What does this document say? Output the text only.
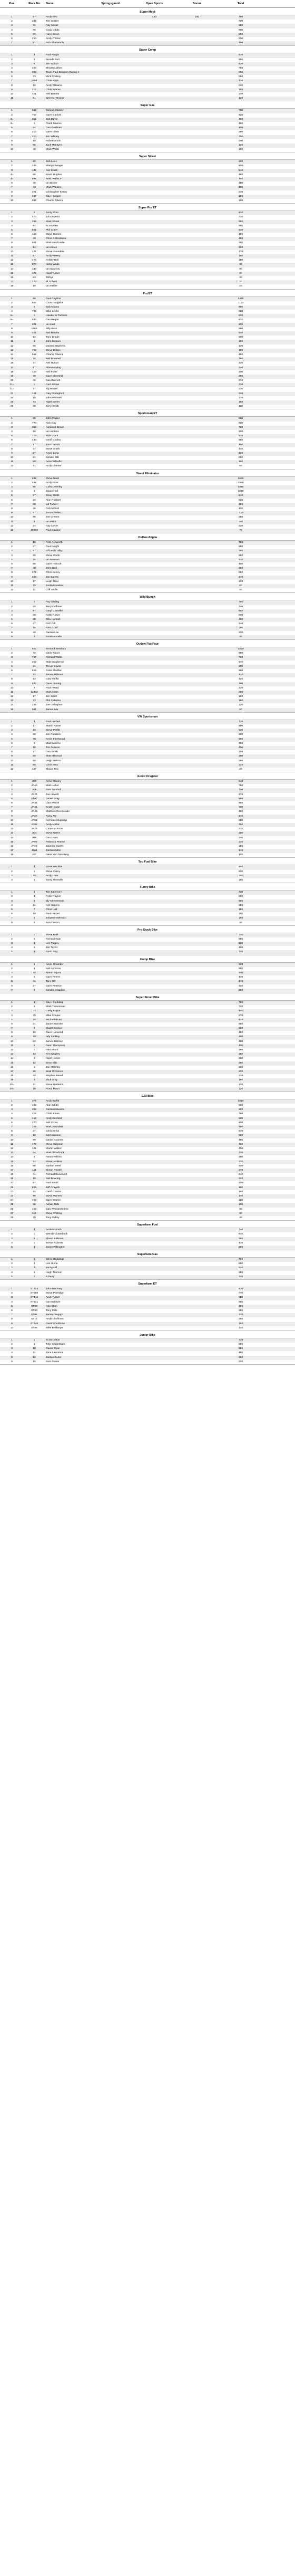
Pos	Race No	Name	Springsgaard	Open Sports	Bonus	Total
Super Moot
1	57	Andy Kirk	450	150	750
2	246	Tim Gerber	700
3	71	Ray Kesler	650
4	69	Craig Gibbs	600
5	99	Hans Ercan	550
6	214	Andy O'Brien	500
7	51	Rob Shattworth	450
Super Comp
1	3	Paul Knight	970
2	9	Brenda Butt	850
3	5	Jim Wolton	830
4	400	Shawn Lathen	760
5	802	Team Paul Bearnon Racing 1	600
6	33	Mick Rosling	580
7	1958	Chris Kaye	430
8	16	Andy Williams	210
9	212	Chris Adams	150
10	101	Neil Bartlett	140
11	51	Spencer Trainor	130
Super Gas
1	555	Conrad Stanley	700
2	707	Dave Gatford	620
3=	315	Bob Doyle	460
3=	1	Frank Masoni	460
5	44	Dan Goldman	400
6	210	Dave Dixon	290
7	200	Jim Whitley	250
8	18	Robert Smith	240
9	66	Jack McIntyre	120
10	48	Mark Webb	100
Super Street
1	29	Bob Lees	630
2	136	Martyn Swager	600
3	135	Neil Smith	540
4=	86	Kevin Hughes	480
4=	999	Mark Wallace	480
6	48	Ian Bicker	450
7	43	Mark Watkins	300
8	271	Christopher Kenny	270
9	657	Dave Cooper	180
10	898	Charlie Olivera	120
Super Pro ET
1	8	Barry Sims	930
2	470	John Everitt	710
3	299	Mark Street	590
4	64	Scott Allen	580
5	501	Phil Cutler	570
6	152	Steve Barnes	490
7	49	Chris Orthodoxou	450
8	661	Mark Hardcastle	360
9	14	Ian Jones	320
10	121	Steve Saunders	170
11	57	Andy Newey	160
12	474	Ashley Bell	150
13	570	Nicky Wade	90
14	183	Ian Sparrow	90
15	172	Nigel Turner	90
16	83	Tethys	30
17	123	Al Dobbin	30
18	19	Ian Hellier	20
Pro ET
1	59	Paul Royston	1475
2	587	Chris Hodgkins	1110
3	5	Bob Adams	990
4	795	Mike Leeks	920
5=	1	Hawker & Parsons	610
5=	533	Dan Regan	610
7	901	Ian Hart	600
8	1960	Billy Bass	590
9	401	Neil Bartlett	540
10	14	Tony Braide	500
11	4	John Mclean	490
12	66	Darren Stephens	470
13	726	Steve Bolton	450
14	566	Charlie Olivera	450
15	75	Neil Rommel	380
16	77	Neil Hutton	370
17	97	Allan Hoyting	340
18	154	Neil Fuller	300
19	79	Dave Chernhill	290
20	46	Dan Bennett	270
21=	1	Carl Jordan	270
21=	77	Tig Hunter	230
23	151	Gary Springford	210
24	10	John Webster	170
25	73	Nigel Green	150
26	88	Jerry Smith	110
Sportsman ET
1	35	John Parker	820
2	770	Nick Day	800
3	367	Hamison Brown	730
4	99	Ian Jenkins	620
5	103	Nick Grant	570
6	440	Geoff Cooley	550
7	77	Tom Camdo	490
8	47	Steve Smith	470
9	37	Kevin Long	320
10	21	Sandie Slib	290
11	60	Amie Wilsaffe	180
12	71	Andy Chinner	50
Street Eliminator
1	599	Steve Nash	1660
2	496	Andy Frost	1090
3	56	Colin Laverley	1070
4	2	Jason Hall	1040
5	57	Craig Stotts	640
6	22	Alan Robbert	620
7	69	Liz Tucker	480
8	45	Rob Milford	430
9	57	Jason Waller	370
10	96	Joe Greene	250
11	9	Ian Hock	240
12	24	Ray Cover	210
13	18989	Paul Davison	70
Outlaw Anglia
1	16	Pete Ashworth	750
2	37	Paul Knight	650
3	57	Richard Colby	580
4	25	Steve Webb	560
5	35	Ian Norman	530
6	58	Dave Holcroft	400
7	40	John Bird	360
8	271	Chris Kenny	290
9	245	Jon Barlow	240
10	17	Leigh Gear	130
11	79	Justin Kneebas	60
12	11	Cliff Griffin	40
Wild Bunch
1	7	Roy Gittling	790
2	20	Terry Coffman	740
3	57	Daryl Granville	650
4	30	Keith Turner	570
5	85	Orla Hartnell	460
6	47	Rich Gill	340
7	76	Ross Lord	290
8	49	Darren Lee	230
9	3	Sarah Ancelle	40
Outlaw Flat Four
1	622	Bernard Newbury	1020
2	72	Chris Tipper	980
3	747	Richard Webb	730
4	252	Matt Draglienne	640
5	31	Trevor Bevan	600
6	516	Peter Shelbon	560
7	73	James Hillman	430
8	13	Gary Griffin	420
9	522	Dave Dinning	390
10	2	Paul Heard	330
11	12332	Mark Hobs	250
12	17	Jim Smith	180
13	73	Phil Caterina	160
14	235	Joe Gallagher	120
15	961	James Ivie	60
VW Sportsman
1	3	Paul Herbert	770
2	17	Martin Kaiser	690
3	10	Steve Perfitt	630
4	39	Jon Paddock	600
5	70	Kevin Fleetwood	560
6	8	Mark Makme	480
7	18	Tim Dunnen	400
8	77	Dan Smith	350
9	59	Matt Millwood	290
10	50	Leigh Hatton	260
11	80	Chris Bray	220
12	197	Shane Rex	20
Junior Dragster
1	JD3	Anne Stanley	840
2	JD49	Matt Hellier	750
3	JD9	Sam Turnbull	700
4	JD24	Joe Hewett	670
5	Jrb47	Daniel Grey	660
6	JR44	Liam Walsh	650
7	JR41	Scott House	500
8	JR43	Matthew Greenslade	480
9	JR28	Ricky Fry	340
10	JR51	Nicholas Mugridge	320
11	JR98	Andy Mellor	290
12	JR26	Cameron Frost	270
13	JD4	Steve Nerris	250
14	JR9	Dan Lewis	240
15	JRe2	Rebecca Pearse	230
16	JRe9	Jasmine Clarke	180
17	J6a4	Jordan Keller	140
18	J07	Ivana Van Den Berg	110
Top Fuel Bike
1	4	Steve Woollatt	880
2	1	Steve Carey	830
3	18	Andy Lees	290
4	3	Barry Sheavills	160
Funny Bike
1	2	Tim Batemore	710
2	3	Peter Rayner	600
3	6	Sly Cheeseman	560
4	11	Neil Higgins	380
5	7	Chris Hall	190
6	10	Paul Harper	160
7	5	Jurgen Haskrovjc	150
8	6	Ken Carson	40
Pro Stock Bike
1	1	Steve Bark	720
2	6	Richard Gipp	680
3	8	Len Paisley	530
4	6	Jon Taylor	420
5	4	Paul Long	140
Comp Bike
1	1	Kevin Chamber	610
2	4	Neil Johnson	560
3	10	Martin Bryant	500
4	6	Dave Peters	470
5	41	Tony Hill	440
6	27	Dave Pearson	320
7	9	Sandra Chaplain	260
Super Street Bike
1	4	Dave Goulding	760
2	8	Mark Twinneman	710
3	23	Garry Boyce	690
4	70	Mike Cooper	670
5	30	Michael Bruce	620
6	31	Jamie Swinden	560
7	9	Stuart Sinclair	520
8	16	Dave Harwood	480
9	18	Ady Lockley	450
10	22	James Barclay	420
11	6	Dean Thompson	400
12	2	Ivan Brock	380
13	13	Ken Quigley	350
14	5	Nigel Horner	310
15	12	Sean Ellis	280
16	1	Jon Mellinby	260
17	26	Brad O'Connor	230
18	40	Stephen Mead	210
19	3	Jack Gray	180
20=	11	Steve Nettleton	120
20=	15	Fiona Moon	120
E.XI Bike
1	376	Andy Burfitt	1010
2	103	Alan Gibbs	960
3	399	Darren Edwards	820
4	215	Chris Jones	760
5	416	Andy Benfield	660
6	270	Neil Cross	600
7	155	Mark Saunders	560
8	37	Chris Berks	540
9	19	Carl Atkinson	500
10	89	Daniel Coomes	460
11	175	Steve Simpson	430
12	121	Martin Walker	400
13	44	Mark Woodcock	370
14	6	Aaron Wilkins	350
15	24	Steve Jenkins	330
16	66	Nathan Steel	300
17	111	Simon Powell	270
18	41	Richard Beaumont	240
19	19	Neil Bowring	220
20	57	Paul Smith	200
21	816	Jeff Grayelli	180
22	74	Geoff Connor	160
23	98	Steve Warren	140
24	400	Dave Warren	120
25	58	Adrian Mills	100
26	100	Gary Wolstenholme	80
27	114	Steve Whiting	60
28	70	Tony Gidley	40
Superfarm Fuel
1	4	Andrew Smith	740
2	1	Wendy Clutterbuck	670
3	6	Shaun Kirkman	580
4	2	Trevor Roberts	470
5	3	Jason Pilkington	260
Superfarm Gas
1	8	Chris Steddings	790
2	4	Lee Hume	690
3	3	Jonny Hill	520
4	5	Hugh Thorson	380
5	2	E Berry	240
Superfarm ET
1	ST423	John Hackney	810
2	ST680	Steve Partridge	740
3	ST444	Andy Turner	650
4	ST121	Dan Baldwin	560
5	ST88	Ivan Elton	480
6	ST40	Tony Mills	390
7	ST61	Jamie Gregory	310
8	ST14	Andy Chuffman	250
9	ST440	David Shorthose	190
10	ST88	Mike Bellhorpe	120
Junior Bike
1	1	Scott Cotton	710
2	2	Tyler Clutterbuck	690
3	10	Gaelle Ryan	590
4	11	Jane Lawrence	480
5	12	Jordan Carter	360
6	15	Sam Fraser	220
